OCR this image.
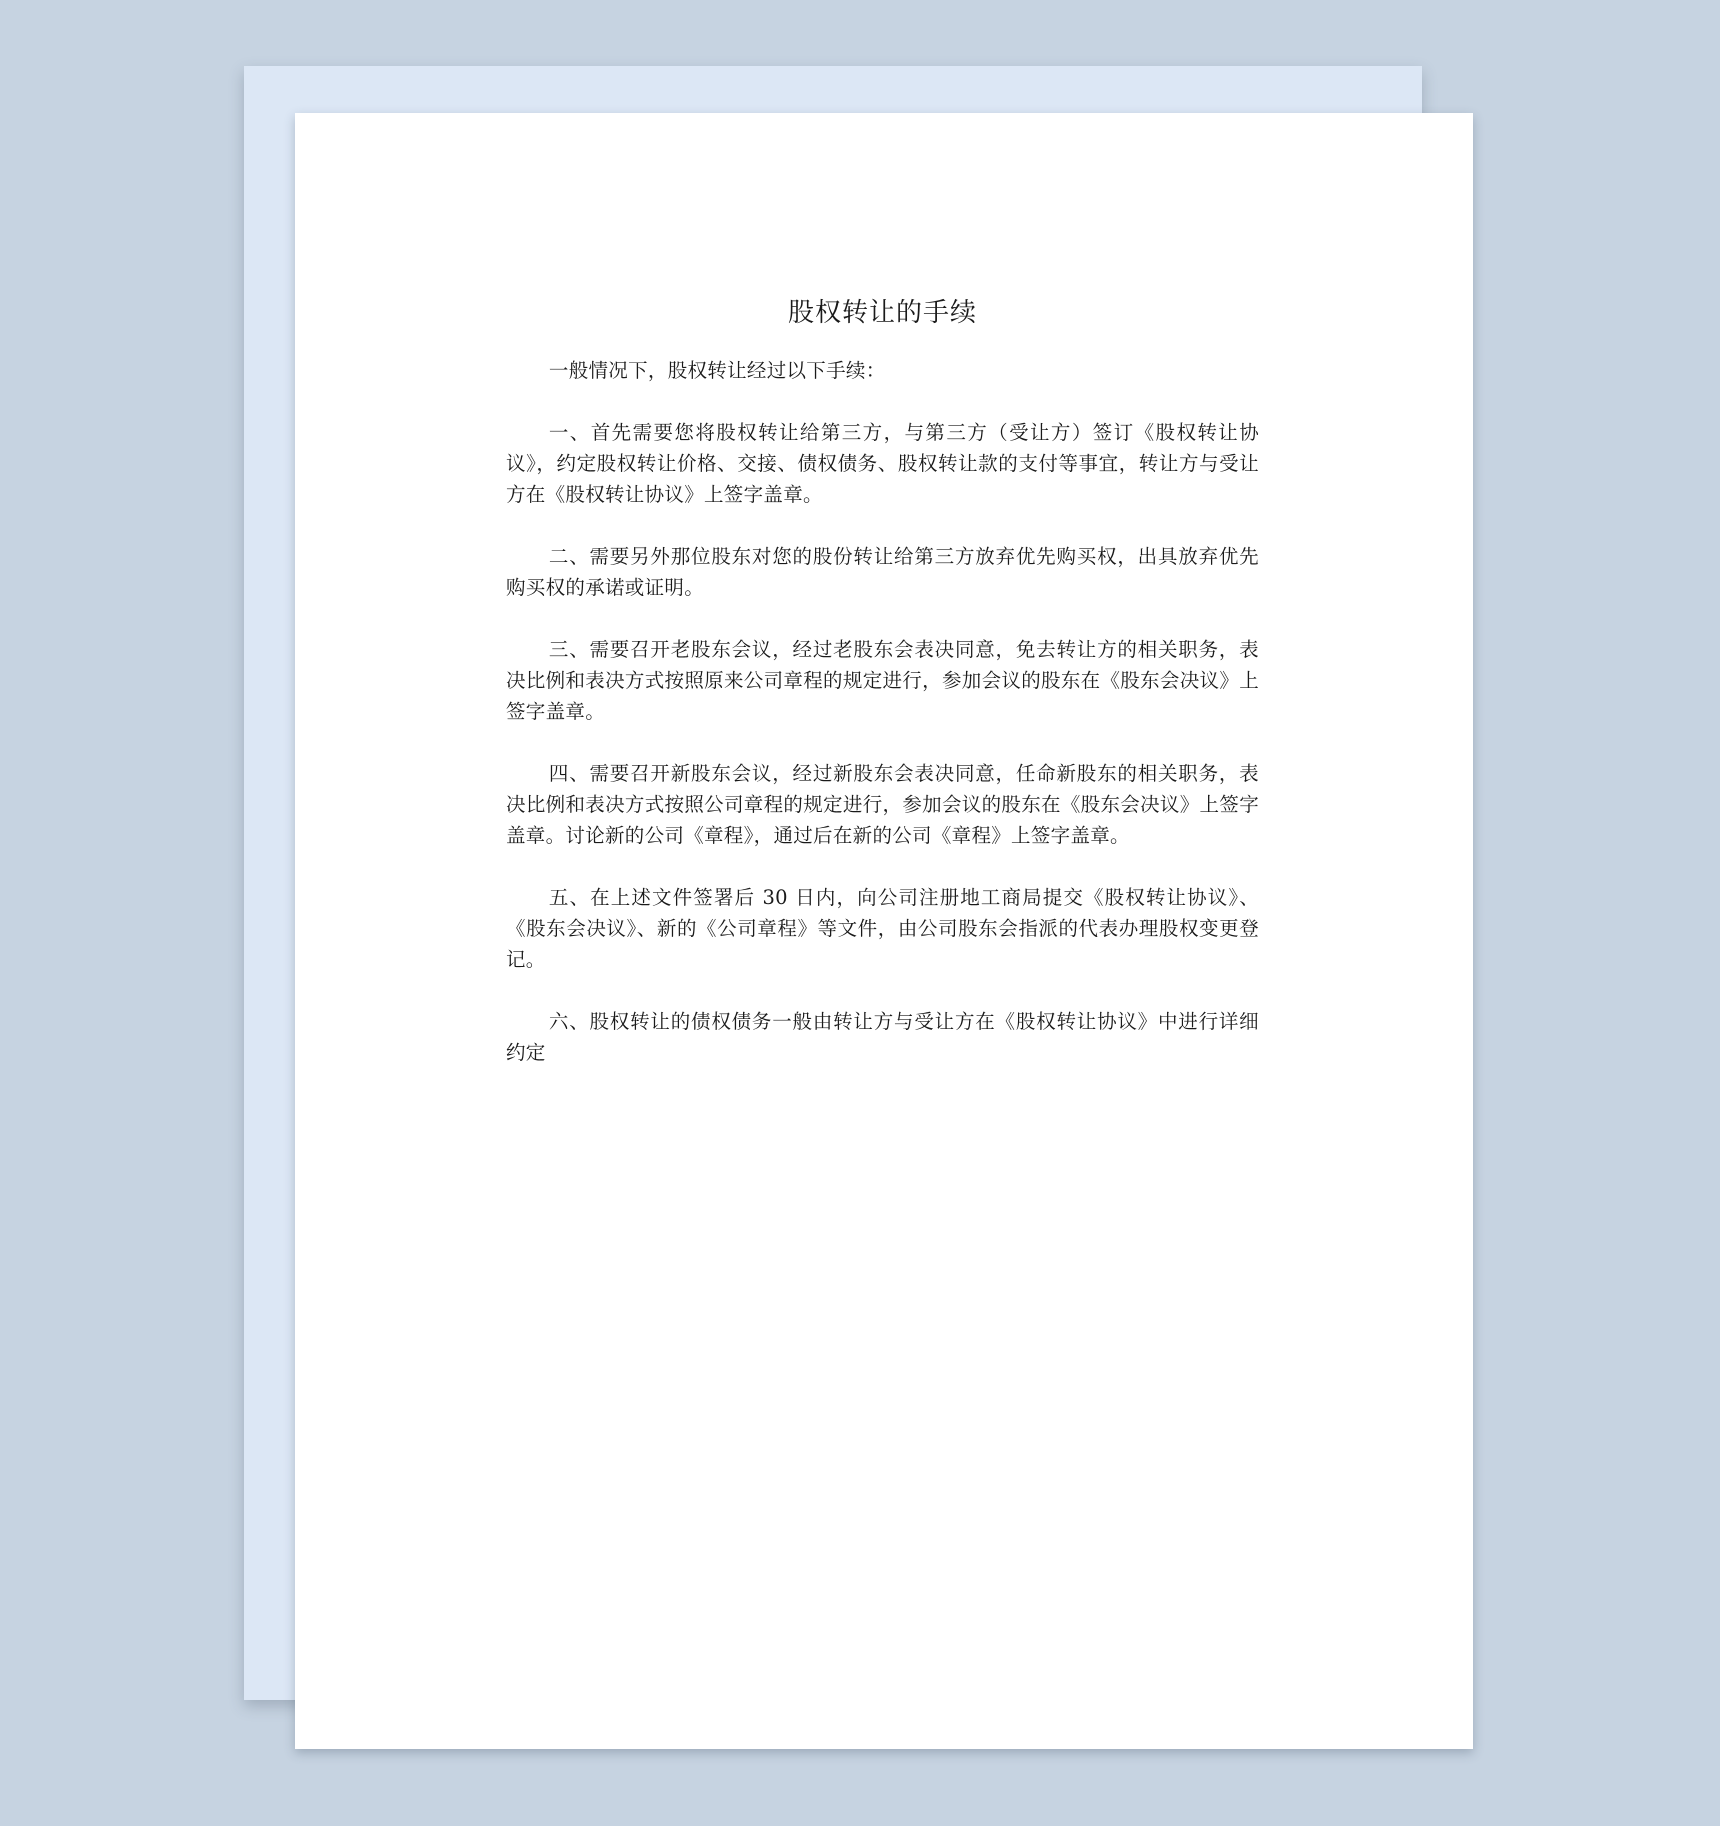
股权转让的手续

一般情况下，股权转让经过以下手续：

一、首先需要您将股权转让给第三方，与第三方（受让方）签订《股权转让协议》，约定股权转让价格、交接、债权债务、股权转让款的支付等事宜，转让方与受让方在《股权转让协议》上签字盖章。

二、需要另外那位股东对您的股份转让给第三方放弃优先购买权，出具放弃优先购买权的承诺或证明。

三、需要召开老股东会议，经过老股东会表决同意，免去转让方的相关职务，表决比例和表决方式按照原来公司章程的规定进行，参加会议的股东在《股东会决议》上签字盖章。

四、需要召开新股东会议，经过新股东会表决同意，任命新股东的相关职务，表决比例和表决方式按照公司章程的规定进行，参加会议的股东在《股东会决议》上签字盖章。讨论新的公司《章程》，通过后在新的公司《章程》上签字盖章。

五、在上述文件签署后 30 日内，向公司注册地工商局提交《股权转让协议》、《股东会决议》、新的《公司章程》等文件，由公司股东会指派的代表办理股权变更登记。

六、股权转让的债权债务一般由转让方与受让方在《股权转让协议》中进行详细约定
